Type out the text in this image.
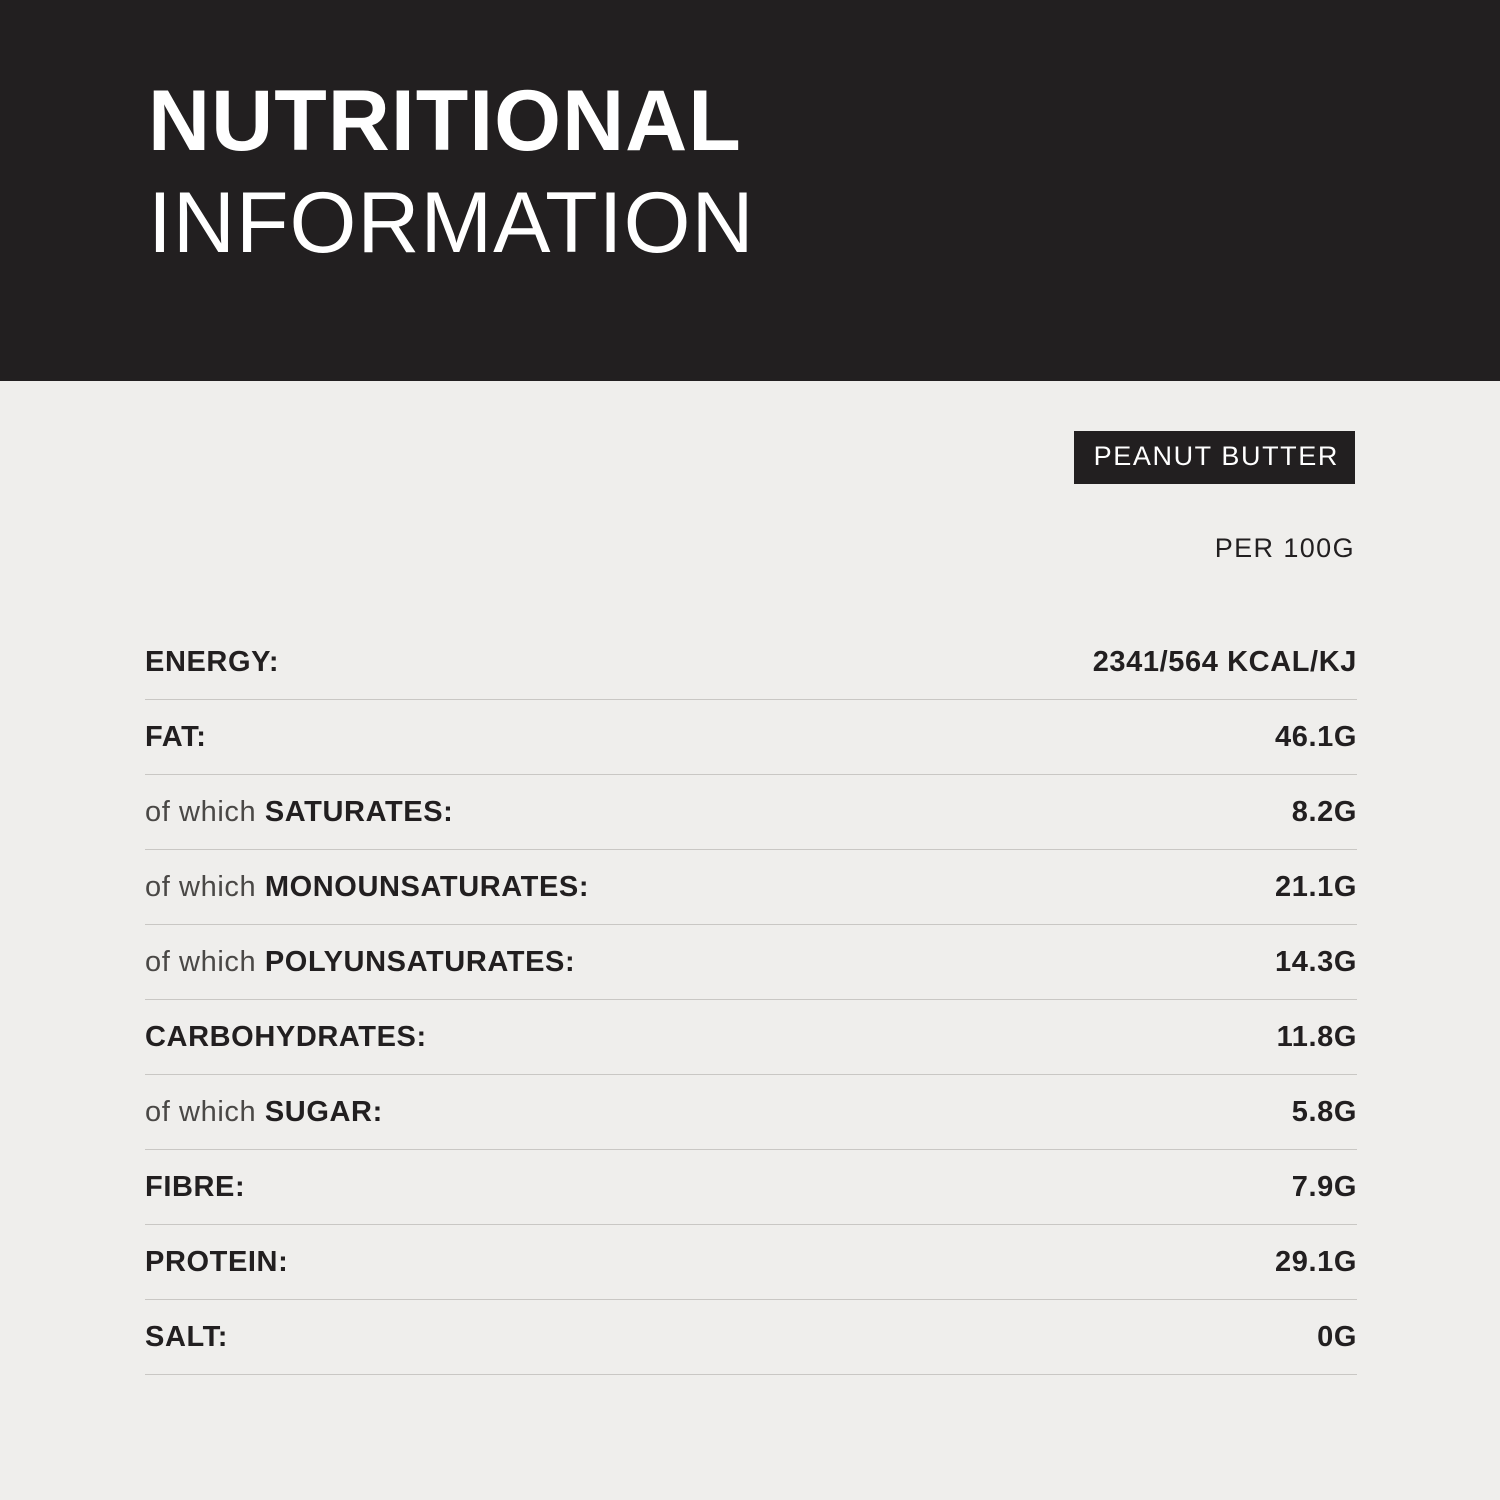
NUTRITIONAL
INFORMATION
PEANUT BUTTER
PER 100G
ENERGY:	2341/564 KCAL/KJ
FAT:	46.1G
of which SATURATES:	8.2G
of which MONOUNSATURATES:	21.1G
of which POLYUNSATURATES:	14.3G
CARBOHYDRATES:	11.8G
of which SUGAR:	5.8G
FIBRE:	7.9G
PROTEIN:	29.1G
SALT:	0G
